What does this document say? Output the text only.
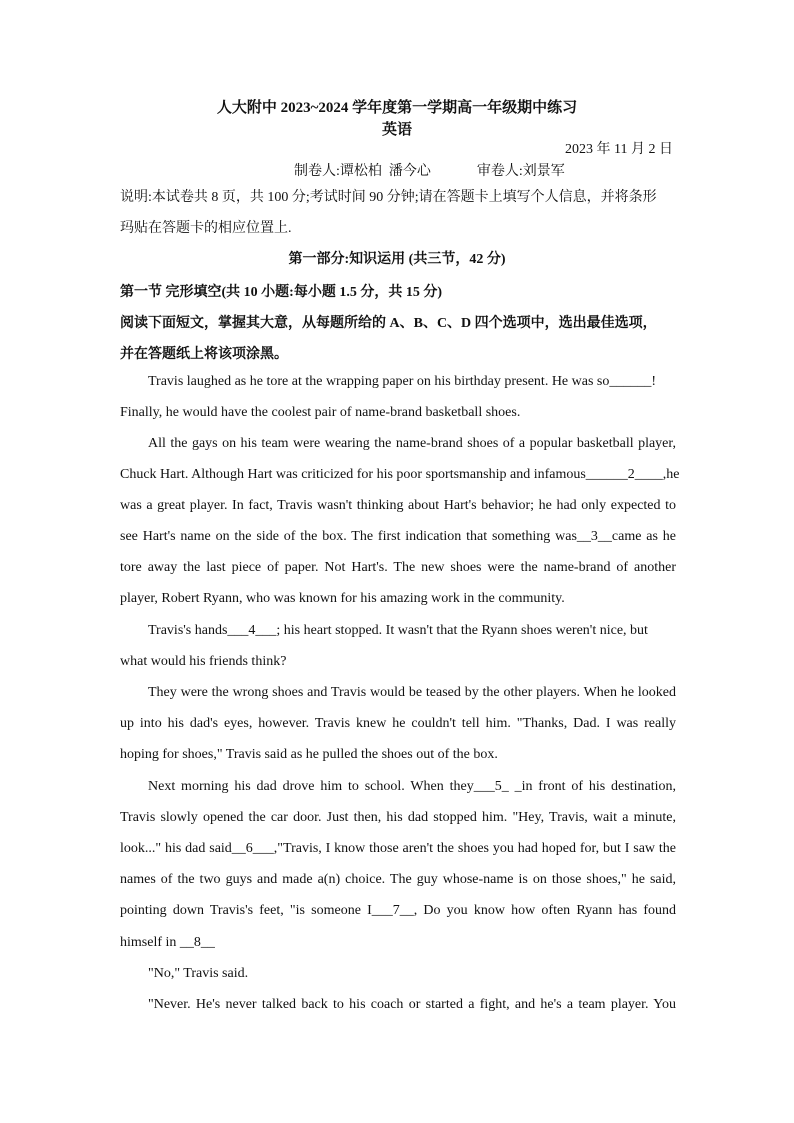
人大附中 2023~2024 学年度第一学期高一年级期中练习
英语
2023 年 11 月 2 日
制卷人:谭松柏  潘今心	审卷人:刘景军
说明:本试卷共 8 页，共 100 分;考试时间 90 分钟;请在答题卡上填写个人信息，并将条形
玛贴在答题卡的相应位置上.
第一部分:知识运用 (共三节，42 分)
第一节 完形填空(共 10 小题:每小题 1.5 分，共 15 分)
阅读下面短文，掌握其大意，从每题所给的 A、B、C、D 四个选项中，选出最佳选项，
并在答题纸上将该项涂黑。
Travis laughed as he tore at the wrapping paper on his birthday present. He was so______!
Finally, he would have the coolest pair of name-brand basketball shoes.
All the gays on his team were wearing the name-brand shoes of a popular basketball player,
Chuck Hart. Although Hart was criticized for his poor sportsmanship and infamous______2____,he
was a great player. In fact, Travis wasn't thinking about Hart's behavior; he had only expected to
see Hart's name on the side of the box. The first indication that something was__3__came as he
tore away the last piece of paper. Not Hart's. The new shoes were the name-brand of another
player, Robert Ryann, who was known for his amazing work in the community.
Travis's hands___4___; his heart stopped. It wasn't that the Ryann shoes weren't nice, but
what would his friends think?
They were the wrong shoes and Travis would be teased by the other players. When he looked
up into his dad's eyes, however. Travis knew he couldn't tell him. "Thanks, Dad. I was really
hoping for shoes," Travis said as he pulled the shoes out of the box.
Next morning his dad drove him to school. When they___5_ _in front of his destination,
Travis slowly opened the car door. Just then, his dad stopped him. "Hey, Travis, wait a minute,
look..." his dad said__6___,"Travis, I know those aren't the shoes you had hoped for, but I saw the
names of the two guys and made a(n) choice. The guy whose-name is on those shoes," he said,
pointing down Travis's feet, "is someone I___7__, Do you know how often Ryann has found
himself in __8__
"No," Travis said.
"Never. He's never talked back to his coach or started a fight, and he's a team player. You
